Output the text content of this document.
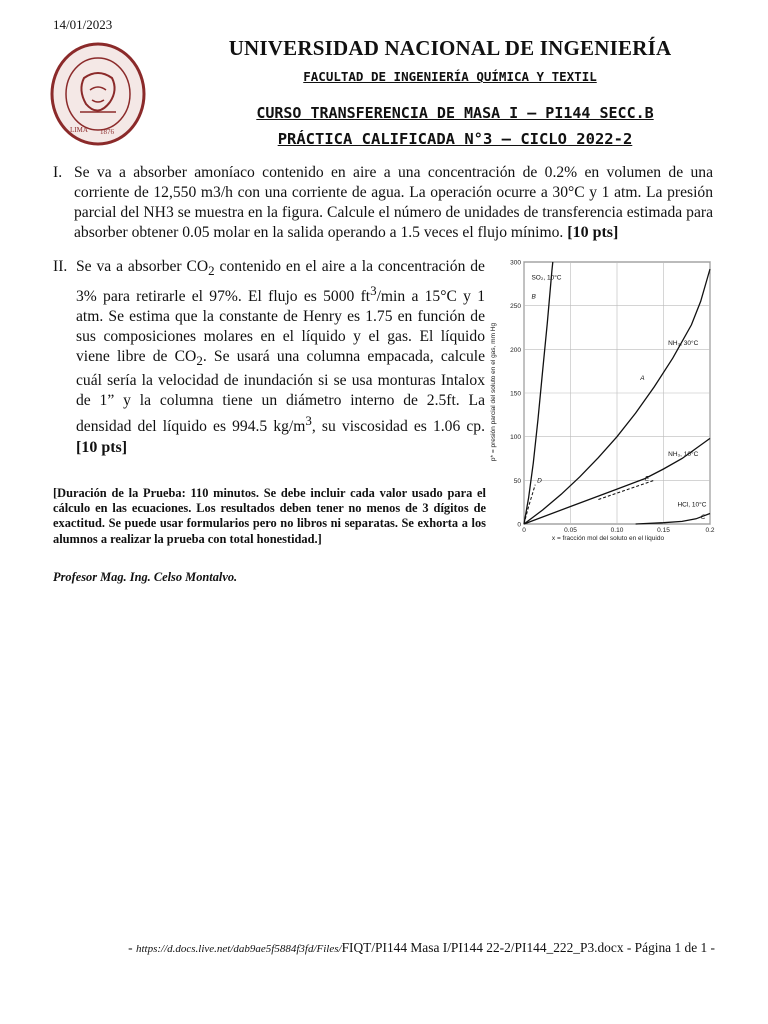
14/01/2023
LIMA 1876
UNIVERSIDAD NACIONAL DE INGENIERÍA
FACULTAD DE INGENIERÍA QUÍMICA Y TEXTIL
CURSO TRANSFERENCIA DE MASA I – PI144 SECC.B
PRÁCTICA CALIFICADA N°3 – CICLO 2022-2
I. Se va a absorber amoníaco contenido en aire a una concentración de 0.2% en volumen de una corriente de 12,550 m3/h con una corriente de agua. La operación ocurre a 30°C y 1 atm. La presión parcial del NH3 se muestra en la figura. Calcule el número de unidades de transferencia estimada para absorber obtener 0.05 molar en la salida operando a 1.5 veces el flujo mínimo. [10 pts]
II. Se va a absorber $CO_2$ contenido en el aire a la concentración de 3% para retirarle el 97%. El flujo es 5000 $ft^3/\min$ a 15°C y 1 atm. Se estima que la constante de Henry es 1.75 en función de sus composiciones molares en el líquido y el gas. El líquido viene libre de $CO_2$. Se usará una columna empacada, calcule cuál sería la velocidad de inundación si se usa monturas Intalox de 1” y la columna tiene un diámetro interno de 2.5ft. La densidad del líquido es 994.5 $kg/m^3$, su viscosidad es 1.06 cp. [10 pts]
0	0.05	0.10	0.15	0.2
0
50
100
150
200
250
300
SO₂, 10°C
B
NH₃, 30°C
A
NH₃, 10°C
E
HCl, 10°C
C
D
x = fracción mol del soluto en el líquido
p* = presión parcial del soluto en el gas, mm Hg
[Duración de la Prueba: 110 minutos. Se debe incluir cada valor usado para el cálculo en las ecuaciones. Los resultados deben tener no menos de 3 dígitos de exactitud. Se puede usar formularios pero no libros ni separatas. Se exhorta a los alumnos a realizar la prueba con total honestidad.]
Profesor Mag. Ing. Celso Montalvo.
- https://d.docs.live.net/dab9ae5f5884f3fd/Files/FIQT/PI144 Masa I/PI144 22-2/PI144_222_P3.docx - Página 1 de 1 -
